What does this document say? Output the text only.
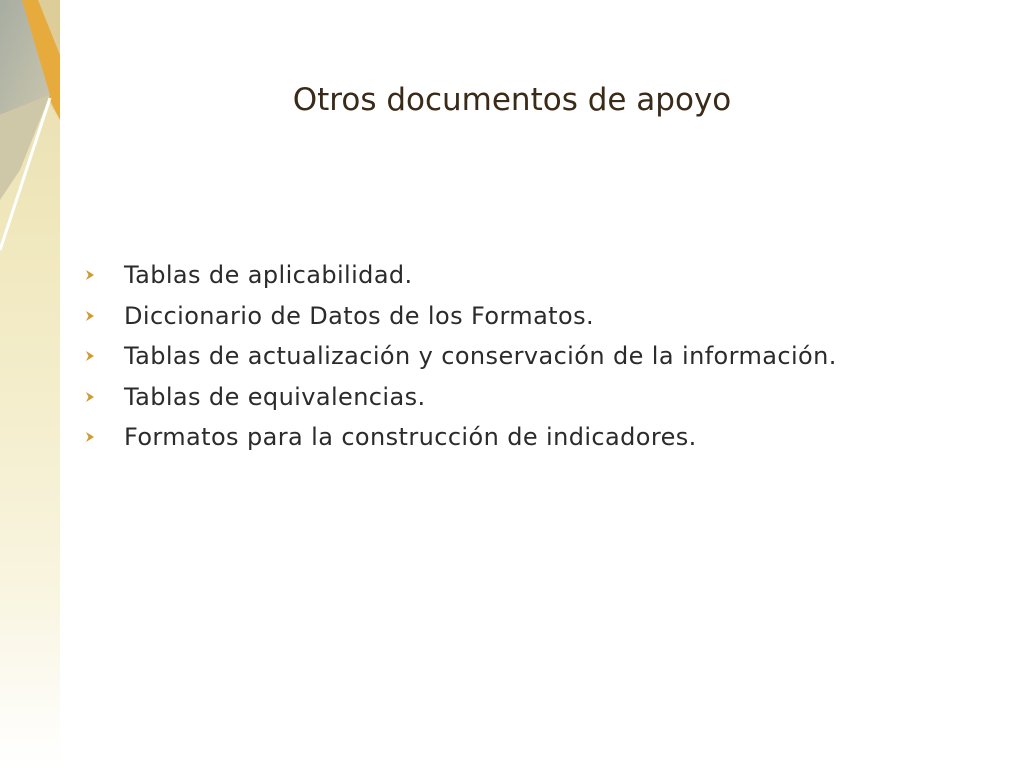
Otros documentos de apoyo
Tablas de aplicabilidad.
Diccionario de Datos de los Formatos.
Tablas de actualización y conservación de la información.
Tablas de equivalencias.
Formatos para la construcción de indicadores.
